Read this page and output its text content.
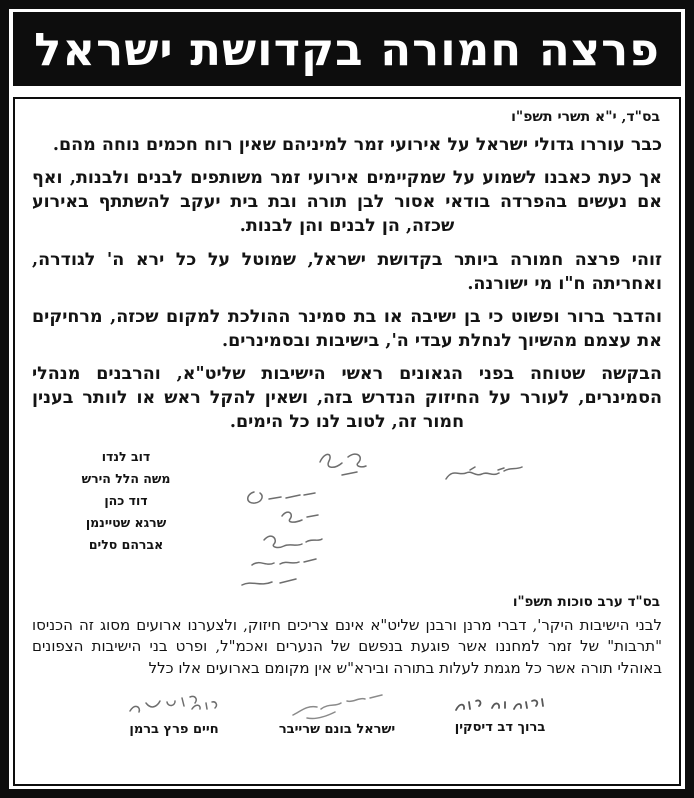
פרצה חמורה בקדושת ישראל
בס"ד, י"א תשרי תשפ"ו

כבר עוררו גדולי ישראל על אירועי זמר למיניהם שאין רוח חכמים נוחה מהם.

אך כעת כאבנו לשמוע על שמקיימים אירועי זמר משותפים לבנים ולבנות, ואף אם נעשים בהפרדה בודאי אסור לבן תורה ובת בית יעקב להשתתף באירוע שכזה, הן לבנים והן לבנות.

זוהי פרצה חמורה ביותר בקדושת ישראל, שמוטל על כל ירא ה' לגודרה, ואחריתה ח"ו מי ישורנה.

והדבר ברור ופשוט כי בן ישיבה או בת סמינר ההולכת למקום שכזה, מרחיקים את עצמם מהשיוך לנחלת עבדי ה', בישיבות ובסמינרים.

הבקשה שטוחה בפני הגאונים ראשי הישיבות שליט"א, והרבנים מנהלי הסמינרים, לעורר על החיזוק הנדרש בזה, ושאין להקל ראש או לוותר בענין חמור זה, לטוב לנו כל הימים.

דוב לנדו
משה הלל הירש
דוד כהן
שרגא שטיינמן
אברהם סלים
בס"ד ערב סוכות תשפ"ו

לבני הישיבות היקר', דברי מרנן ורבנן שליט"א אינם צריכים חיזוק, ולצערנו ארועים מסוג זה הכניסו "תרבות" של זמר למחננו אשר פוגעת בנפשם של הנערים ואכמ"ל, ופרט בני הישיבות הצפונים באוהלי תורה אשר כל מגמת לעלות בתורה ובירא"ש אין מקומם בארועים אלו כלל

ברוך דב דיסקין
ישראל בונם שרייבר
חיים פרץ ברמן
